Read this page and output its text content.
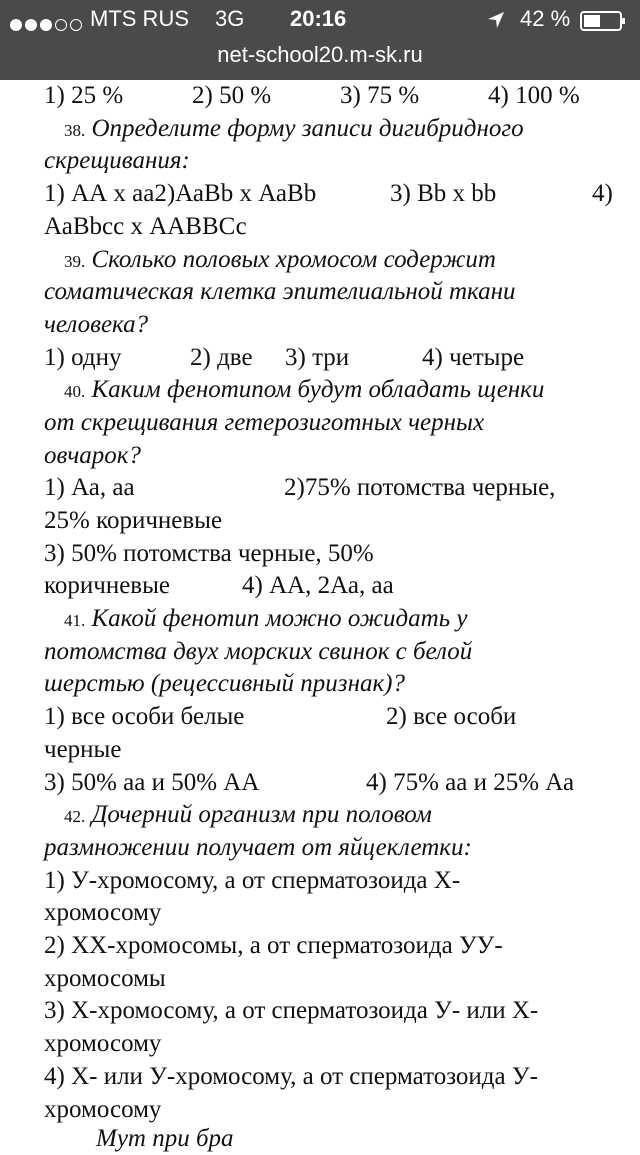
MTS RUS 3G 20:16	42 %
net-school20.m-sk.ru
1) 25 %	2) 50 %	3) 75 %	4) 100 %
38. Определите форму записи дигибридного
скрещивания:
1) АА х аа2)АаВb х АаВb	3) Bb х bb	4)
АаВbсс х ААВВСс
39. Сколько половых хромосом содержит
соматическая клетка эпителиальной ткани
человека?
1) одну	2) две 3) три	4) четыре
40. Каким фенотипом будут обладать щенки
от скрещивания гетерозиготных черных
овчарок?
1) Аа, аа	2)75% потомства черные,
25% коричневые
3) 50% потомства черные, 50%
коричневые	4) АА, 2Аа, аа
41. Какой фенотип можно ожидать у
потомства двух морских свинок с белой
шерстью (рецессивный признак)?
1) все особи белые	2) все особи
черные
3) 50% аа и 50% АА	4) 75% аа и 25% Аа
42. Дочерний организм при половом
размножении получает от яйцеклетки:
1) У-хромосому, а от сперматозоида Х-
хромосому
2) ХХ-хромосомы, а от сперматозоида УУ-
хромосомы
3) Х-хромосому, а от сперматозоида У- или Х-
хромосому
4) Х- или У-хромосому, а от сперматозоида У-
хромосому
Мут при бра
